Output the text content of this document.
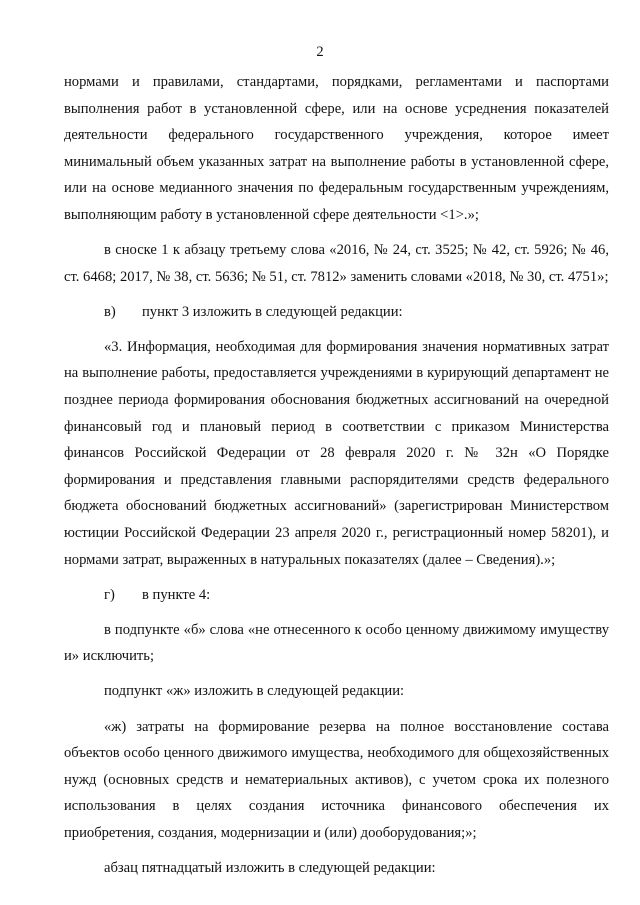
2

нормами и правилами, стандартами, порядками, регламентами и паспортами выполнения работ в установленной сфере, или на основе усреднения показателей деятельности федерального государственного учреждения, которое имеет минимальный объем указанных затрат на выполнение работы в установленной сфере, или на основе медианного значения по федеральным государственным учреждениям, выполняющим работу в установленной сфере деятельности <1>.»;

в сноске 1 к абзацу третьему слова «2016, № 24, ст. 3525; № 42, ст. 5926; № 46, ст. 6468; 2017, № 38, ст. 5636; № 51, ст. 7812» заменить словами «2018, № 30, ст. 4751»;

в) пункт 3 изложить в следующей редакции:

«3. Информация, необходимая для формирования значения нормативных затрат на выполнение работы, предоставляется учреждениями в курирующий департамент не позднее периода формирования обоснования бюджетных ассигнований на очередной финансовый год и плановый период в соответствии с приказом Министерства финансов Российской Федерации от 28 февраля 2020 г. № 32н «О Порядке формирования и представления главными распорядителями средств федерального бюджета обоснований бюджетных ассигнований» (зарегистрирован Министерством юстиции Российской Федерации 23 апреля 2020 г., регистрационный номер 58201), и нормами затрат, выраженных в натуральных показателях (далее – Сведения).»;

г) в пункте 4:

в подпункте «б» слова «не отнесенного к особо ценному движимому имуществу и» исключить;

подпункт «ж» изложить в следующей редакции:

«ж) затраты на формирование резерва на полное восстановление состава объектов особо ценного движимого имущества, необходимого для общехозяйственных нужд (основных средств и нематериальных активов), с учетом срока их полезного использования в целях создания источника финансового обеспечения их приобретения, создания, модернизации и (или) дооборудования;»;

абзац пятнадцатый изложить в следующей редакции:
